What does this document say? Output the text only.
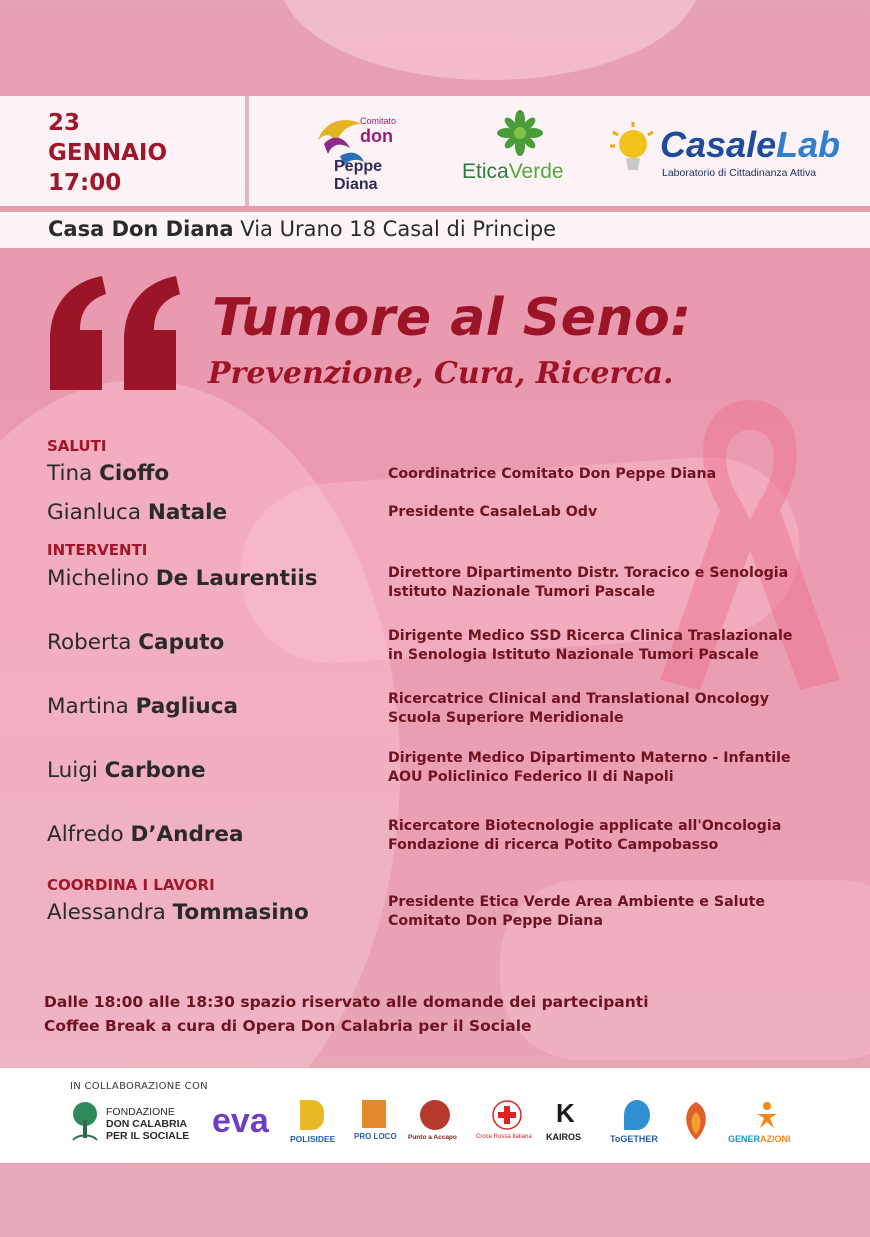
23
GENNAIO
17:00
Comitato
don
Peppe Diana
EticaVerde
CasaleLab
Laboratorio di Cittadinanza Attiva
Casa Don Diana Via Urano 18 Casal di Principe
Tumore al Seno:
Prevenzione, Cura, Ricerca.
SALUTI
Tina Cioffo	Coordinatrice Comitato Don Peppe Diana
Gianluca Natale	Presidente CasaleLab Odv
INTERVENTI
Michelino De Laurentiis	Direttore Dipartimento Distr. Toracico e Senologia
Istituto Nazionale Tumori Pascale
Roberta Caputo	Dirigente Medico SSD Ricerca Clinica Traslazionale
in Senologia Istituto Nazionale Tumori Pascale
Martina Pagliuca	Ricercatrice Clinical and Translational Oncology
Scuola Superiore Meridionale
Luigi Carbone	Dirigente Medico Dipartimento Materno - Infantile
AOU Policlinico Federico II di Napoli
Alfredo D’Andrea	Ricercatore Biotecnologie applicate all'Oncologia
Fondazione di ricerca Potito Campobasso
COORDINA I LAVORI
Alessandra Tommasino	Presidente Etica Verde Area Ambiente e Salute
Comitato Don Peppe Diana
Dalle 18:00 alle 18:30 spazio riservato alle domande dei partecipanti
Coffee Break a cura di Opera Don Calabria per il Sociale
IN COLLABORAZIONE CON
FONDAZIONE
DON CALABRIA
PER IL SOCIALE eva	POLISIDEE PRO LOCO Punto a Accapo	Croce Rossa Italiana
K
KAIROS	ToGETHER	GENERAZIONI
